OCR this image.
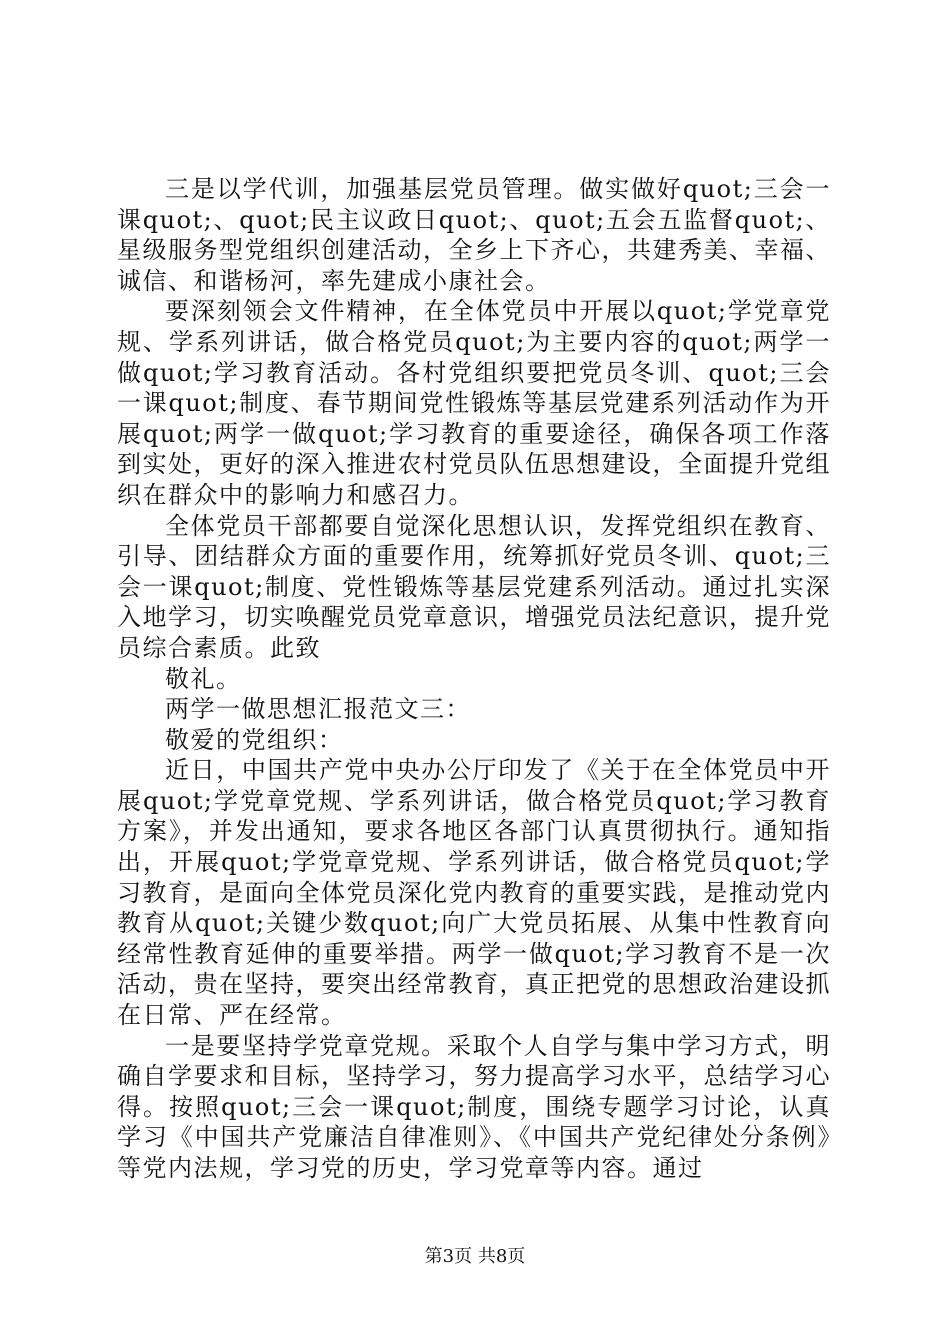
三是以学代训，加强基层党员管理。做实做好quot;三会一课quot;、quot;民主议政日quot;、quot;五会五监督quot;、星级服务型党组织创建活动，全乡上下齐心，共建秀美、幸福、诚信、和谐杨河，率先建成小康社会。

要深刻领会文件精神，在全体党员中开展以quot;学党章党规、学系列讲话，做合格党员quot;为主要内容的quot;两学一做quot;学习教育活动。各村党组织要把党员冬训、quot;三会一课quot;制度、春节期间党性锻炼等基层党建系列活动作为开展quot;两学一做quot;学习教育的重要途径，确保各项工作落到实处，更好的深入推进农村党员队伍思想建设，全面提升党组织在群众中的影响力和感召力。

全体党员干部都要自觉深化思想认识，发挥党组织在教育、引导、团结群众方面的重要作用，统筹抓好党员冬训、quot;三会一课quot;制度、党性锻炼等基层党建系列活动。通过扎实深入地学习，切实唤醒党员党章意识，增强党员法纪意识，提升党员综合素质。此致

敬礼。

两学一做思想汇报范文三：

敬爱的党组织：

近日，中国共产党中央办公厅印发了《关于在全体党员中开展quot;学党章党规、学系列讲话，做合格党员quot;学习教育方案》，并发出通知，要求各地区各部门认真贯彻执行。通知指出，开展quot;学党章党规、学系列讲话，做合格党员quot;学习教育，是面向全体党员深化党内教育的重要实践，是推动党内教育从quot;关键少数quot;向广大党员拓展、从集中性教育向经常性教育延伸的重要举措。两学一做quot;学习教育不是一次活动，贵在坚持，要突出经常教育，真正把党的思想政治建设抓在日常、严在经常。

一是要坚持学党章党规。采取个人自学与集中学习方式，明确自学要求和目标，坚持学习，努力提高学习水平，总结学习心得。按照quot;三会一课quot;制度，围绕专题学习讨论，认真学习《中国共产党廉洁自律准则》、《中国共产党纪律处分条例》等党内法规，学习党的历史，学习党章等内容。通过

第3页 共8页
